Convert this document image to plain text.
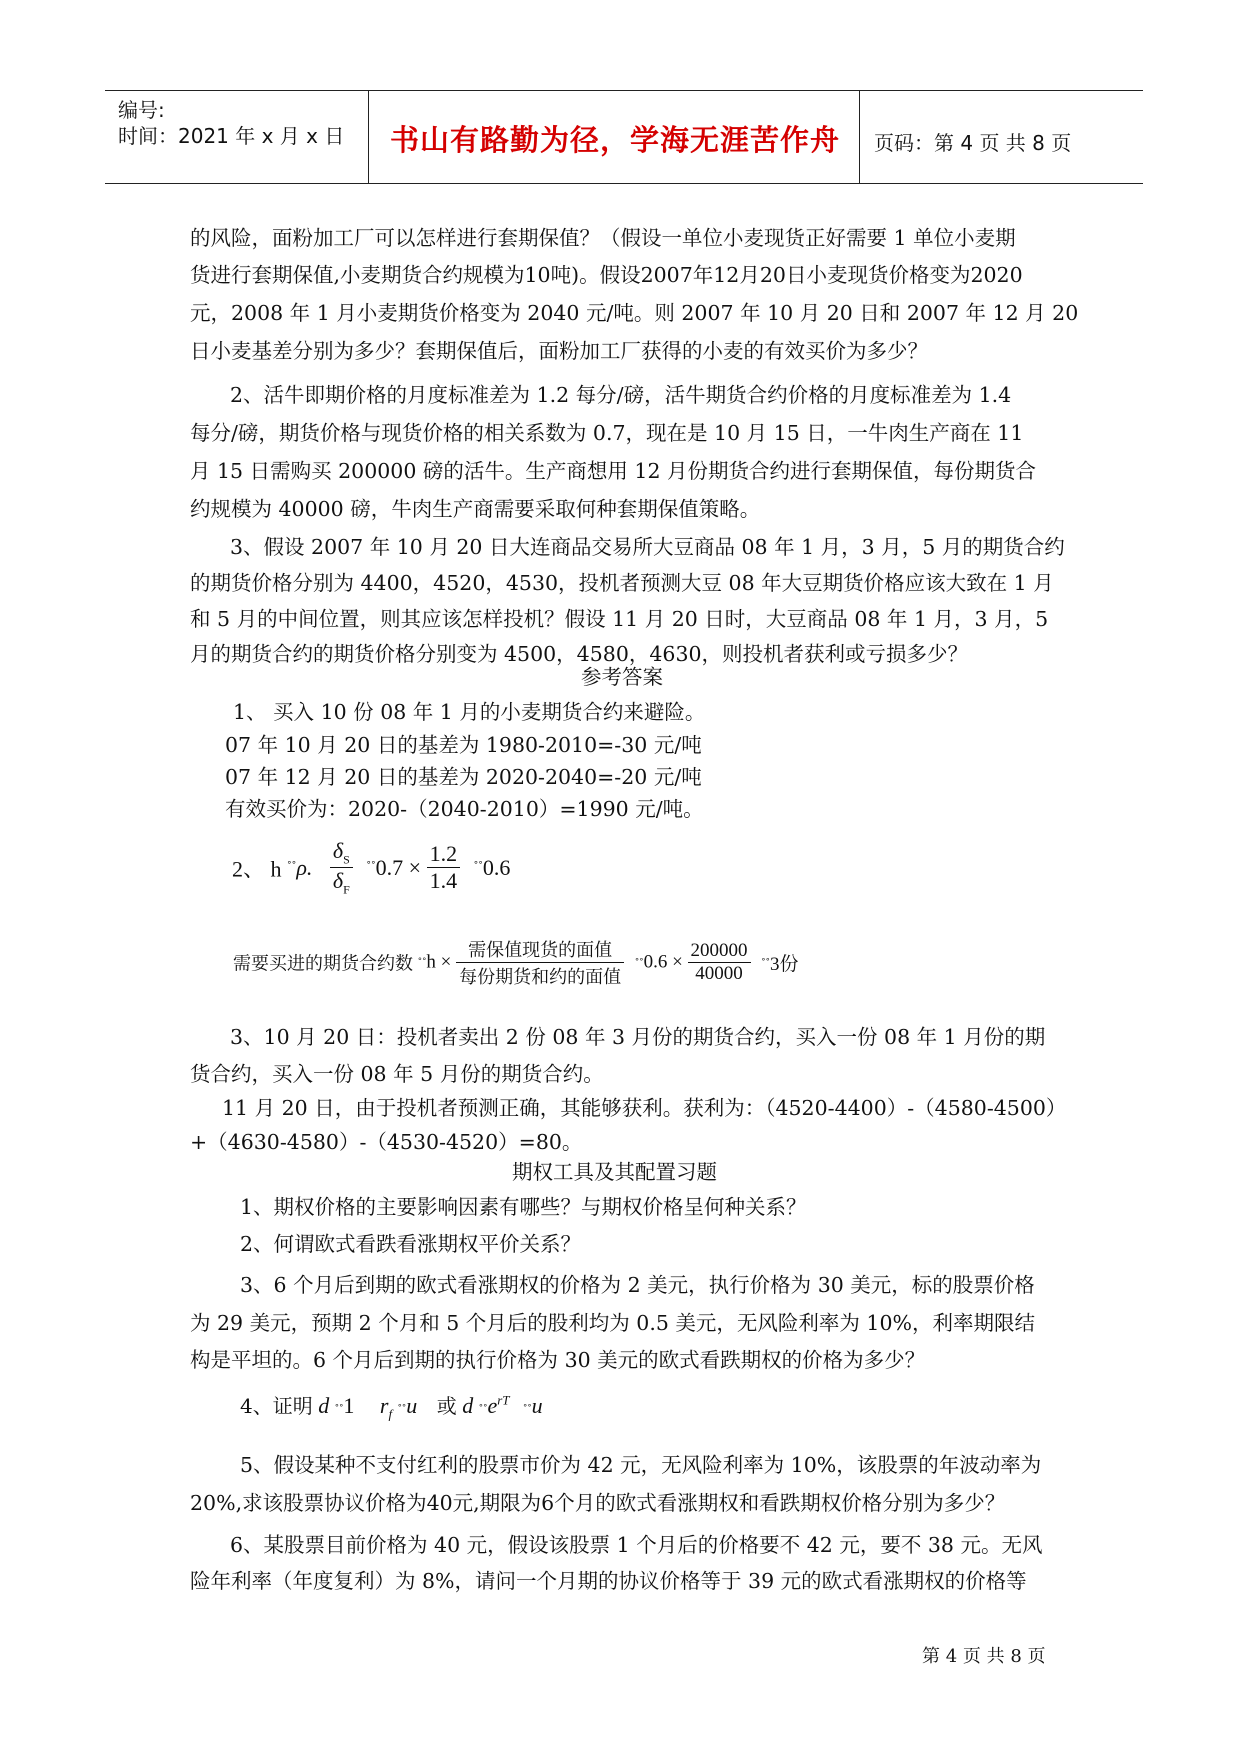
编号:
时间：2021 年 x 月 x 日 书山有路勤为径，学海无涯苦作舟 页码：第 4 页 共 8 页
的风险，面粉加工厂可以怎样进行套期保值？（假设一单位小麦现货正好需要 1 单位小麦期
货进行套期保值,小麦期货合约规模为10吨)。假设2007年12月20日小麦现货价格变为2020
元，2008 年 1 月小麦期货价格变为 2040 元/吨。则 2007 年 10 月 20 日和 2007 年 12 月 20
日小麦基差分别为多少？套期保值后，面粉加工厂获得的小麦的有效买价为多少？
2、活牛即期价格的月度标准差为 1.2 每分/磅，活牛期货合约价格的月度标准差为 1.4
每分/磅，期货价格与现货价格的相关系数为 0.7，现在是 10 月 15 日，一牛肉生产商在 11
月 15 日需购买 200000 磅的活牛。生产商想用 12 月份期货合约进行套期保值，每份期货合
约规模为 40000 磅，牛肉生产商需要采取何种套期保值策略。
3、假设 2007 年 10 月 20 日大连商品交易所大豆商品 08 年 1 月，3 月，5 月的期货合约
的期货价格分别为 4400，4520，4530，投机者预测大豆 08 年大豆期货价格应该大致在 1 月
和 5 月的中间位置，则其应该怎样投机？假设 11 月 20 日时，大豆商品 08 年 1 月，3 月，5
月的期货合约的期货价格分别变为 4500，4580，4630，则投机者获利或亏损多少？
参考答案
1、 买入 10 份 08 年 1 月的小麦期货合约来避险。
07 年 10 月 20 日的基差为 1980-2010=-30 元/吨
07 年 12 月 20 日的基差为 2020-2040=-20 元/吨
有效买价为：2020-（2040-2010）=1990 元/吨。
2、 h ˚˚ρ. $\frac{\delta_S}{\delta_F}$ ˚˚0.7 × $\frac{1.2}{1.4}$ ˚˚0.6
需要买进的期货合约数 ˚˚h × $\frac{\text{需保值现货的面值}}{\text{每份期货和约的面值}}$ ˚˚0.6 × $\frac{200000}{40000}$ ˚˚3份
3、10 月 20 日：投机者卖出 2 份 08 年 3 月份的期货合约，买入一份 08 年 1 月份的期
货合约，买入一份 08 年 5 月份的期货合约。
11 月 20 日，由于投机者预测正确，其能够获利。获利为：（4520-4400）-（4580-4500）
+（4630-4580）-（4530-4520）=80。
期权工具及其配置习题
1、期权价格的主要影响因素有哪些？与期权价格呈何种关系？
2、何谓欧式看跌看涨期权平价关系？
3、6 个月后到期的欧式看涨期权的价格为 2 美元，执行价格为 30 美元，标的股票价格
为 29 美元，预期 2 个月和 5 个月后的股利均为 0.5 美元，无风险利率为 10%，利率期限结
构是平坦的。6 个月后到期的执行价格为 30 美元的欧式看跌期权的价格为多少？
4、证明 d ˚˚1 $r_f$ ˚˚u 或 d $˚˚e^{rT}$ ˚˚u
5、假设某种不支付红利的股票市价为 42 元，无风险利率为 10%，该股票的年波动率为
20%,求该股票协议价格为40元,期限为6个月的欧式看涨期权和看跌期权价格分别为多少？
6、某股票目前价格为 40 元，假设该股票 1 个月后的价格要不 42 元，要不 38 元。无风
险年利率（年度复利）为 8%，请问一个月期的协议价格等于 39 元的欧式看涨期权的价格等
第 4 页 共 8 页
